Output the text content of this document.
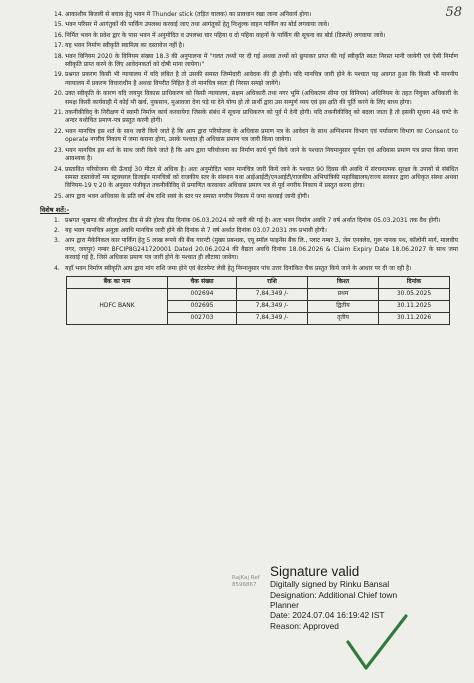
58
14. आकाशीय बिजली से बचाव हेतु भवन में Thunder stick (तड़ित चालक) का प्रावधान रखा जाना अनिवार्य होगा।
15. भवन परिसर में आगंतुकों की पार्किंग उपलब्ध करवाई जाए तथा आगंतुकों हेतु निःशुल्क वाहन पार्किंग का बोर्ड लगवाया जावे।
16. निर्मित भवन के प्रवेश द्वार के पास भवन में अनुमोदित व उपलब्ध चार पहिया व दो पहिया वाहनों के पार्किंग की सूचना का बोर्ड (डिस्प्ले) लगवाया जावे।
17. यह भवन निर्माण स्वीकृति स्वामित्व का दस्तावेज नहीं है।
18. भवन विनियम 2020 के विनियम संख्या 18.3 की अनुपालना में "गलत तथ्यों पर दी गई अथवा तथ्यों को छुपाकर प्राप्त की गई स्वीकृति स्वतः निरस्त मानी जायेगी एवं ऐसी निर्माण स्वीकृति प्राप्त करने के लिए आवेदनकर्ता को दोषी माना जायेगा।"
19. प्रश्नगत प्रकरण किसी भी न्यायालय में यदि लंबित है तो उसकी समस्त जिम्मेदारी आवेदक की ही होगी। यदि मानचित्र जारी होने के पश्चात यह अवगत हुआ कि किसी भी माननीय न्यायालय में प्रकरण विचाराधीन है अथवा विपरीत निहित है तो मानचित्र स्वतः ही निरस्त समझे जायेंगे।
20. उक्त स्वीकृति के कारण यदि जयपुर विकास प्राधिकरण को किसी न्यायालय, सक्षम अधिकारी तथा नगर भूमि (अधिकतम सीमा एवं विनियम) अधिनियम के तहत नियुक्त अधिकारी के समक्ष किसी कार्यवाही में कोई भी खर्च, नुकसान, मुआवजा देना पड़े या देने योग्य हो तो प्रार्थी द्वारा उस सम्पूर्ण व्यय एवं इस क्षति की पूर्ति करने के लिए बाध्य होगा।
21. तकनीकीविद् के निरीक्षण में स्वामी निर्माण कार्य करवायेगा जिसके संबंध में सूचना प्राधिकरण को पूर्व में देनी होगी। यदि तकनीकीविद् को बदला जाता है तो इसकी सूचना 48 घण्टे के अन्दर यथोचित प्रमाण-पत्र प्रस्तुत करनी होगी।
22. भवन मानचित्र इस शर्त के साथ जारी किये जाते है कि आप द्वारा परियोजना के अधिवास प्रमाण पत्र के आवेदन के साथ अग्निशमन विभाग एवं पर्यावरण विभाग का Consent to operate नगरीय निकाय में जमा कराना होगा, उसके पश्चात ही अधिवास प्रमाण पत्र जारी किया जायेगा।
23. भवन मानचित्र इस शर्त के साथ जारी किये जाते है कि आप द्वारा परियोजना का निर्माण कार्य पूर्ण किये जाने के पश्चात नियमानुसार पूर्णता एवं अधिवास प्रमाण पत्र प्राप्त किया जाना आवश्यक है।
24. प्रस्तावित परियोजना की ऊँचाई 30 मीटर से अधिक है। अतः अनुमोदित भवन मानचित्र जारी किये जाने के पश्चात 90 दिवस की अवधि में संरचनात्मक सुरक्षा के उपायों से संबंधित समस्त दस्तावेजों मय स्ट्रक्चरल डिजाईन मानचित्रों को राजकीय स्तर के संस्थान यथा आईआईटी/एनआईटी/राजकीय अभियांत्रिकी महाविद्यालय/राज्य सरकार द्वारा अधिकृत संस्था अथवा विनियम-19 ए 20 के अनुसार पंजीकृत तकनीकीविद् से प्रमाणित करवाकर अधिवास प्रमाण पत्र से पूर्व नगरीय निकाय में प्रस्तुत करना होगा।
25. आप द्वारा भवन अधिवास के प्रति वर्ष शेष राशि स्वयं के स्तर पर समस्त नगरीय निकाय में जमा करवाई जानी होगी।
विशेष शर्ते:-
1. प्रश्नगत भूखण्ड की लीजहोल्ड डीड से फ्री होल्ड डीड दिनांक 06.03.2024 को जारी की गई है। अतः भवन निर्माण अवधि 7 वर्ष अर्थात दिनांक 05.03.2031 तक वैध होगी।
2. यह भवन मानचित्र अनुज्ञा अवधि मानचित्र जारी होने की दिनांक से 7 वर्ष अर्थात दिनांक 03.07.2031 तक प्रभावी होगी।
3. आप द्वारा मैकेनिकल कार पार्किंग हेतु 5 लाख रूपये की बैंक गारन्टी (मुख्य प्रबन्धक, एयू स्मॉल फाइनेंस बैंक लि., प्लाट नम्बर 3, जेम एनक्लेव, गुरू नानक पथ, कॉलोनी मार्ग, मालवीय नगर, जयपुर) नम्बर BFCIP8G241720001 Dated 20.06.2024 की वैद्यता अवधि दिनांक 18.06.2026 & Claim Expiry Date 18.06.2027 के साथ जमा करवाई गई है, जिसे अधिवास प्रमाण पत्र जारी होने के पश्चात ही लौटाया जावेगा।
4. यहाँ भवन निर्माण स्वीकृति आप द्वारा मांग राशि जमा होने एवं बेटरमेन्ट लेवी हेतु निम्नानुसार पांच उत्तर दिनांकित चैक प्रस्तुत किये जाने के आधार पर दी जा रही है।
बैंक का नाम	चैक संख्या	राशि	किश्त	दिनांक
HDFC BANK	002694	7,84,349 /-	प्रथम	30.05.2025
	002695	7,84,349 /-	द्वितीय	30.11.2025
	002703	7,84,349 /-	तृतीय	30.11.2026
RajKaj Ref
8596867
Signature valid
Digitally signed by Rinku Bansal
Designation: Additional Chief town
Planner
Date: 2024.07.04 16:19:42 IST
Reason: Approved
